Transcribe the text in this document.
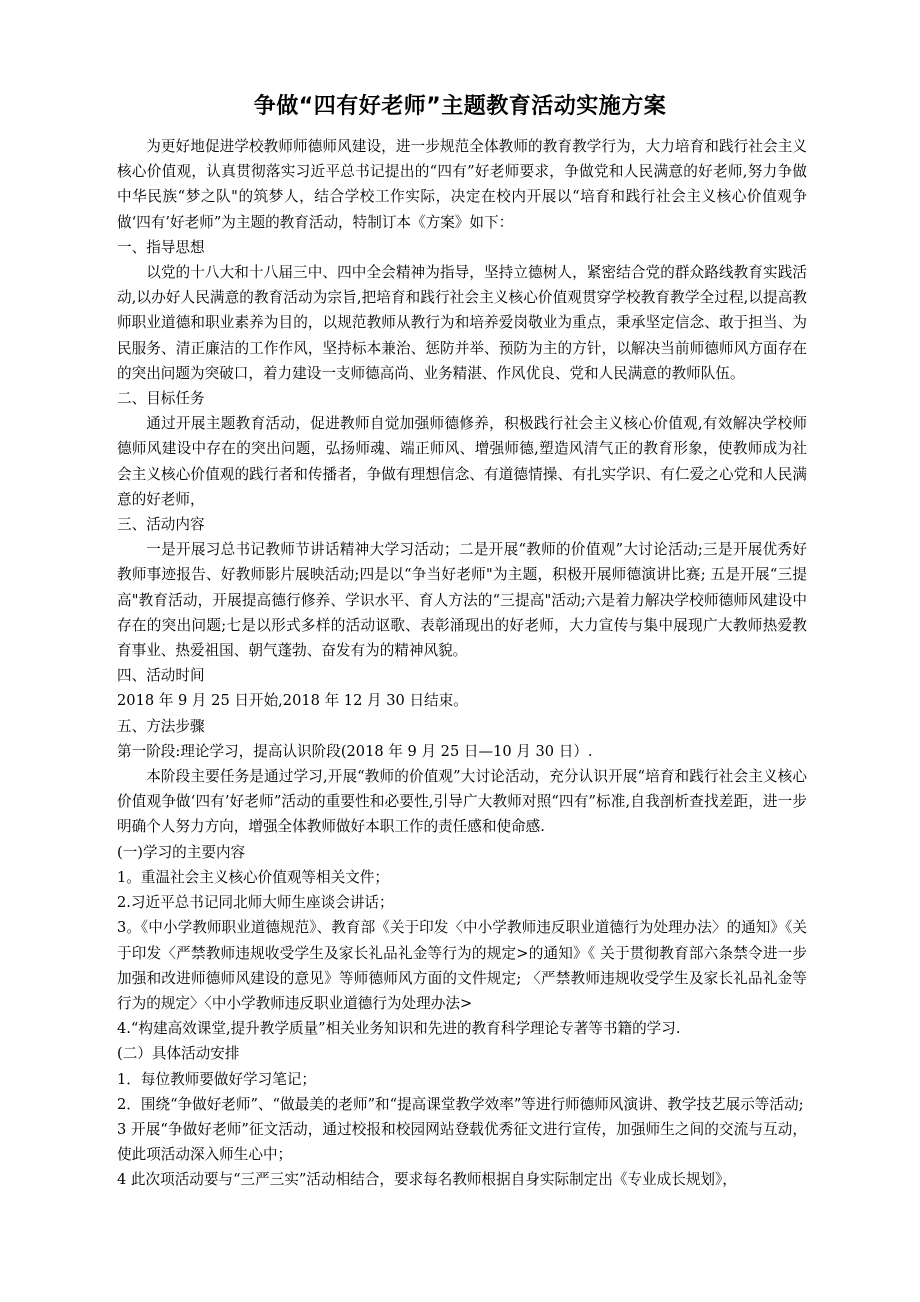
争做“四有好老师”主题教育活动实施方案

为更好地促进学校教师师德师风建设，进一步规范全体教师的教育教学行为，大力培育和践行社会主义核心价值观，认真贯彻落实习近平总书记提出的“四有”好老师要求，争做党和人民满意的好老师,努力争做中华民族“梦之队"的筑梦人，结合学校工作实际，决定在校内开展以“培育和践行社会主义核心价值观争做‘四有’好老师”为主题的教育活动，特制订本《方案》如下：

一、指导思想

以党的十八大和十八届三中、四中全会精神为指导，坚持立德树人，紧密结合党的群众路线教育实践活动,以办好人民满意的教育活动为宗旨,把培育和践行社会主义核心价值观贯穿学校教育教学全过程,以提高教师职业道德和职业素养为目的，以规范教师从教行为和培养爱岗敬业为重点，秉承坚定信念、敢于担当、为民服务、清正廉洁的工作作风，坚持标本兼治、惩防并举、预防为主的方针，以解决当前师德师风方面存在的突出问题为突破口，着力建设一支师德高尚、业务精湛、作风优良、党和人民满意的教师队伍。

二、目标任务

通过开展主题教育活动，促进教师自觉加强师德修养，积极践行社会主义核心价值观,有效解决学校师德师风建设中存在的突出问题，弘扬师魂、端正师风、增强师德,塑造风清气正的教育形象，使教师成为社会主义核心价值观的践行者和传播者，争做有理想信念、有道德情操、有扎实学识、有仁爱之心党和人民满意的好老师，

三、活动内容

一是开展习总书记教师节讲话精神大学习活动；二是开展“教师的价值观”大讨论活动;三是开展优秀好教师事迹报告、好教师影片展映活动;四是以“争当好老师"为主题，积极开展师德演讲比赛; 五是开展“三提高"教育活动，开展提高德行修养、学识水平、育人方法的“三提高"活动;六是着力解决学校师德师风建设中存在的突出问题;七是以形式多样的活动讴歌、表彰涌现出的好老师，大力宣传与集中展现广大教师热爱教育事业、热爱祖国、朝气蓬勃、奋发有为的精神风貌。

四、活动时间

2018 年 9 月 25 日开始,2018 年 12 月 30 日结束。

五、方法步骤

第一阶段:理论学习，提高认识阶段(2018 年 9 月 25 日—10 月 30 日）.

本阶段主要任务是通过学习,开展“教师的价值观”大讨论活动，充分认识开展“培育和践行社会主义核心价值观争做‘四有’好老师”活动的重要性和必要性,引导广大教师对照“四有”标准,自我剖析查找差距，进一步明确个人努力方向，增强全体教师做好本职工作的责任感和使命感.

(一)学习的主要内容

1。重温社会主义核心价值观等相关文件；

2.习近平总书记同北师大师生座谈会讲话；

3。《中小学教师职业道德规范》、教育部《关于印发〈中小学教师违反职业道德行为处理办法〉的通知》《关于印发〈严禁教师违规收受学生及家长礼品礼金等行为的规定>的通知》《 关于贯彻教育部六条禁令进一步加强和改进师德师风建设的意见》等师德师风方面的文件规定; 〈严禁教师违规收受学生及家长礼品礼金等行为的规定〉〈中小学教师违反职业道德行为处理办法>

4.“构建高效课堂,提升教学质量”相关业务知识和先进的教育科学理论专著等书籍的学习.

(二）具体活动安排

1．每位教师要做好学习笔记；

2．围绕“争做好老师”、“做最美的老师”和“提高课堂教学效率”等进行师德师风演讲、教学技艺展示等活动;

3 开展“争做好老师”征文活动，通过校报和校园网站登载优秀征文进行宣传，加强师生之间的交流与互动，使此项活动深入师生心中；

4 此次项活动要与“三严三实”活动相结合，要求每名教师根据自身实际制定出《专业成长规划》，
